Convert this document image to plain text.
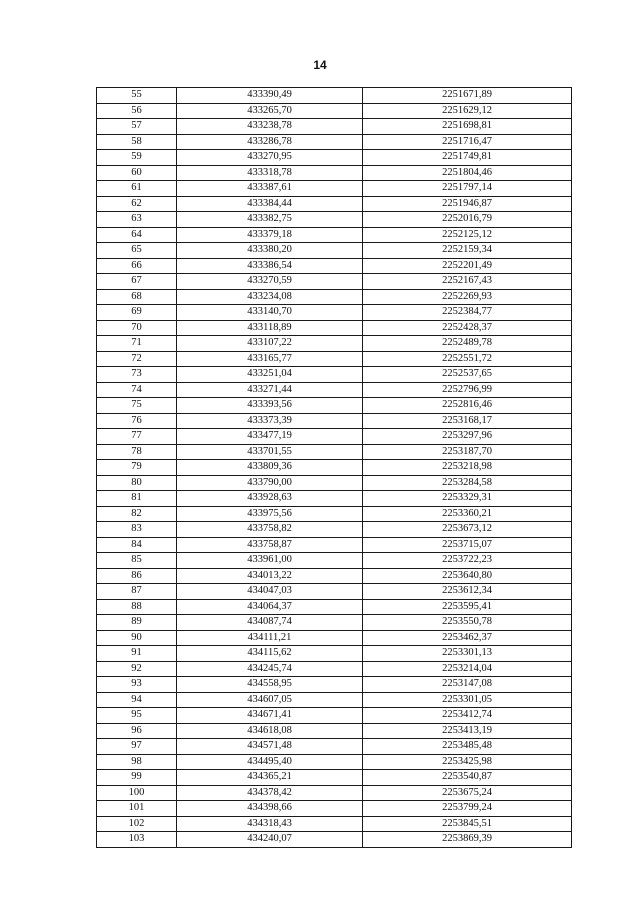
14
55	433390,49	2251671,89
56	433265,70	2251629,12
57	433238,78	2251698,81
58	433286,78	2251716,47
59	433270,95	2251749,81
60	433318,78	2251804,46
61	433387,61	2251797,14
62	433384,44	2251946,87
63	433382,75	2252016,79
64	433379,18	2252125,12
65	433380,20	2252159,34
66	433386,54	2252201,49
67	433270,59	2252167,43
68	433234,08	2252269,93
69	433140,70	2252384,77
70	433118,89	2252428,37
71	433107,22	2252489,78
72	433165,77	2252551,72
73	433251,04	2252537,65
74	433271,44	2252796,99
75	433393,56	2252816,46
76	433373,39	2253168,17
77	433477,19	2253297,96
78	433701,55	2253187,70
79	433809,36	2253218,98
80	433790,00	2253284,58
81	433928,63	2253329,31
82	433975,56	2253360,21
83	433758,82	2253673,12
84	433758,87	2253715,07
85	433961,00	2253722,23
86	434013,22	2253640,80
87	434047,03	2253612,34
88	434064,37	2253595,41
89	434087,74	2253550,78
90	434111,21	2253462,37
91	434115,62	2253301,13
92	434245,74	2253214,04
93	434558,95	2253147,08
94	434607,05	2253301,05
95	434671,41	2253412,74
96	434618,08	2253413,19
97	434571,48	2253485,48
98	434495,40	2253425,98
99	434365,21	2253540,87
100	434378,42	2253675,24
101	434398,66	2253799,24
102	434318,43	2253845,51
103	434240,07	2253869,39
